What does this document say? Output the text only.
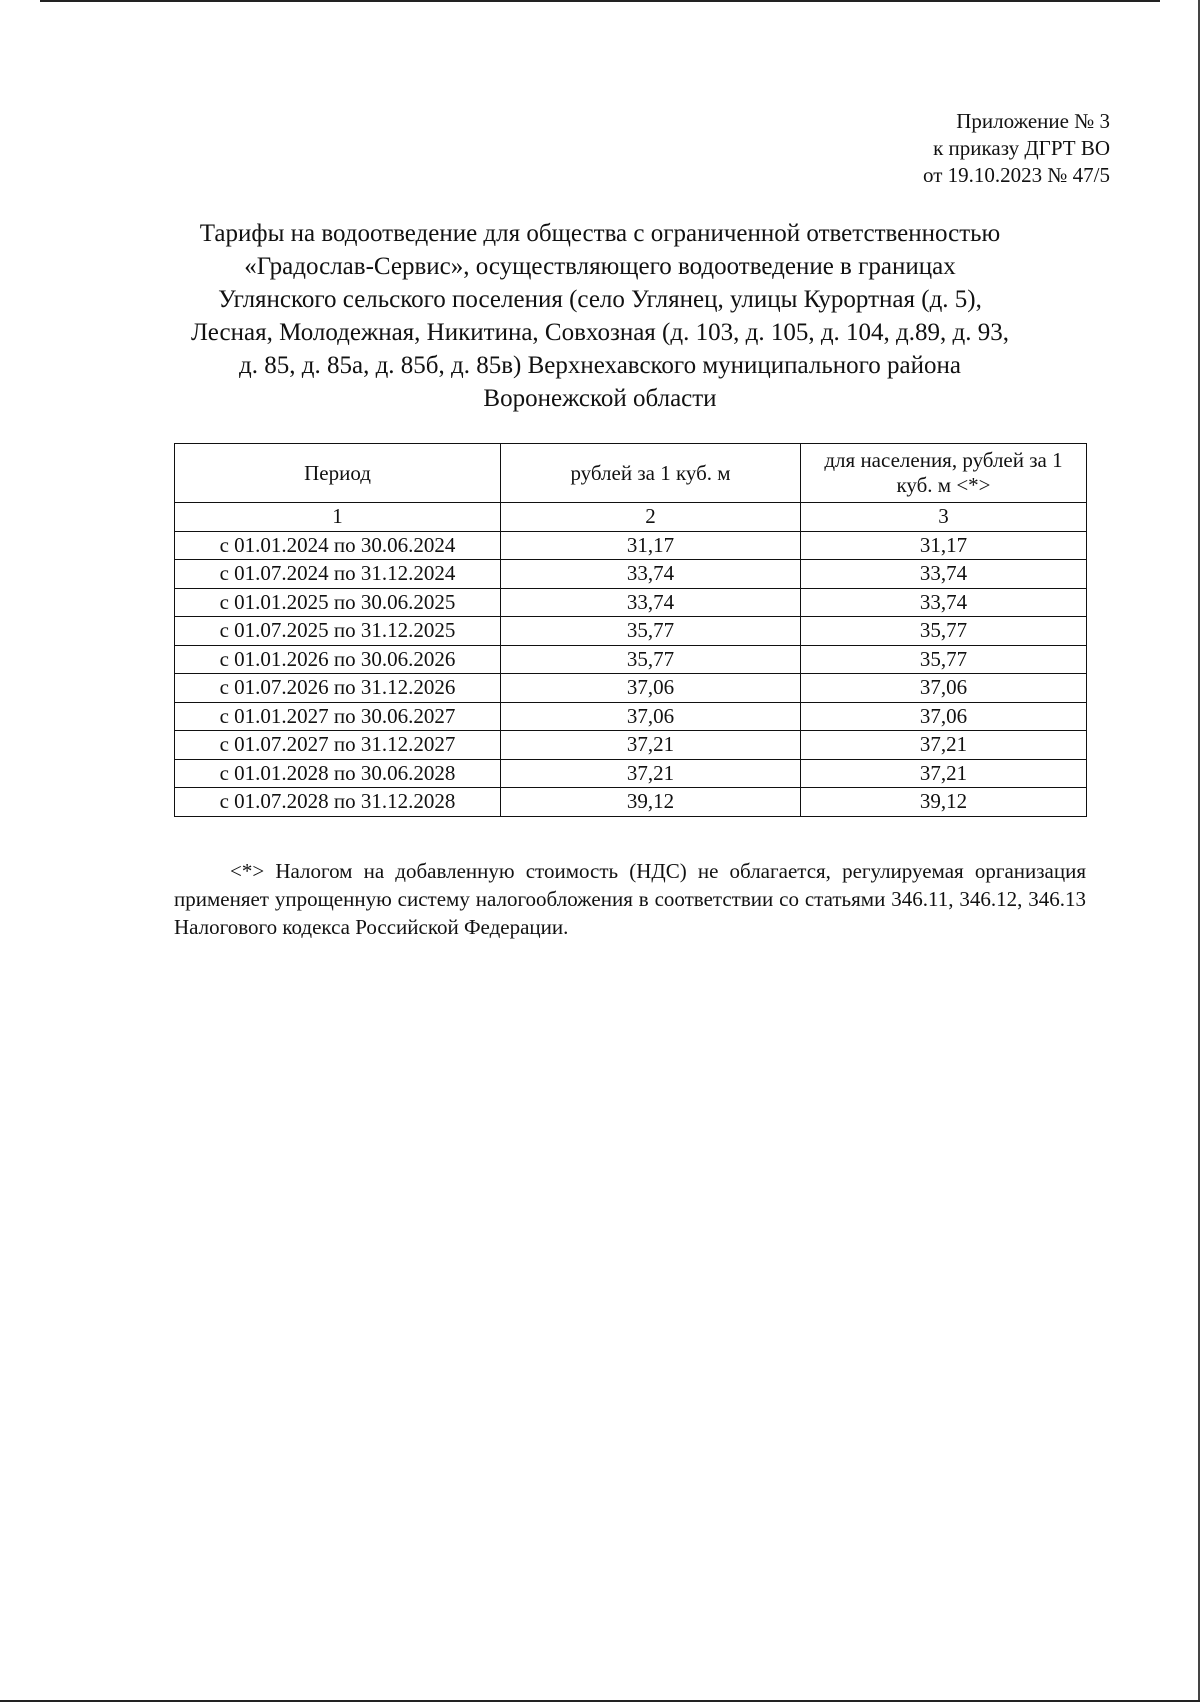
Приложение № 3
к приказу ДГРТ ВО
от 19.10.2023 № 47/5
Тарифы на водоотведение для общества с ограниченной ответственностью
«Градослав-Сервис», осуществляющего водоотведение в границах
Углянского сельского поселения (село Углянец, улицы Курортная (д. 5),
Лесная, Молодежная, Никитина, Совхозная (д. 103, д. 105, д. 104, д.89, д. 93,
д. 85, д. 85а, д. 85б, д. 85в) Верхнехавского муниципального района
Воронежской области
Период	рублей за 1 куб. м	для населения, рублей за 1 куб. м <*>
1	2	3
с 01.01.2024 по 30.06.2024	31,17	31,17
с 01.07.2024 по 31.12.2024	33,74	33,74
с 01.01.2025 по 30.06.2025	33,74	33,74
с 01.07.2025 по 31.12.2025	35,77	35,77
с 01.01.2026 по 30.06.2026	35,77	35,77
с 01.07.2026 по 31.12.2026	37,06	37,06
с 01.01.2027 по 30.06.2027	37,06	37,06
с 01.07.2027 по 31.12.2027	37,21	37,21
с 01.01.2028 по 30.06.2028	37,21	37,21
с 01.07.2028 по 31.12.2028	39,12	39,12
<*> Налогом на добавленную стоимость (НДС) не облагается, регулируемая организация применяет упрощенную систему налогообложения в соответствии со статьями 346.11, 346.12, 346.13 Налогового кодекса Российской Федерации.
